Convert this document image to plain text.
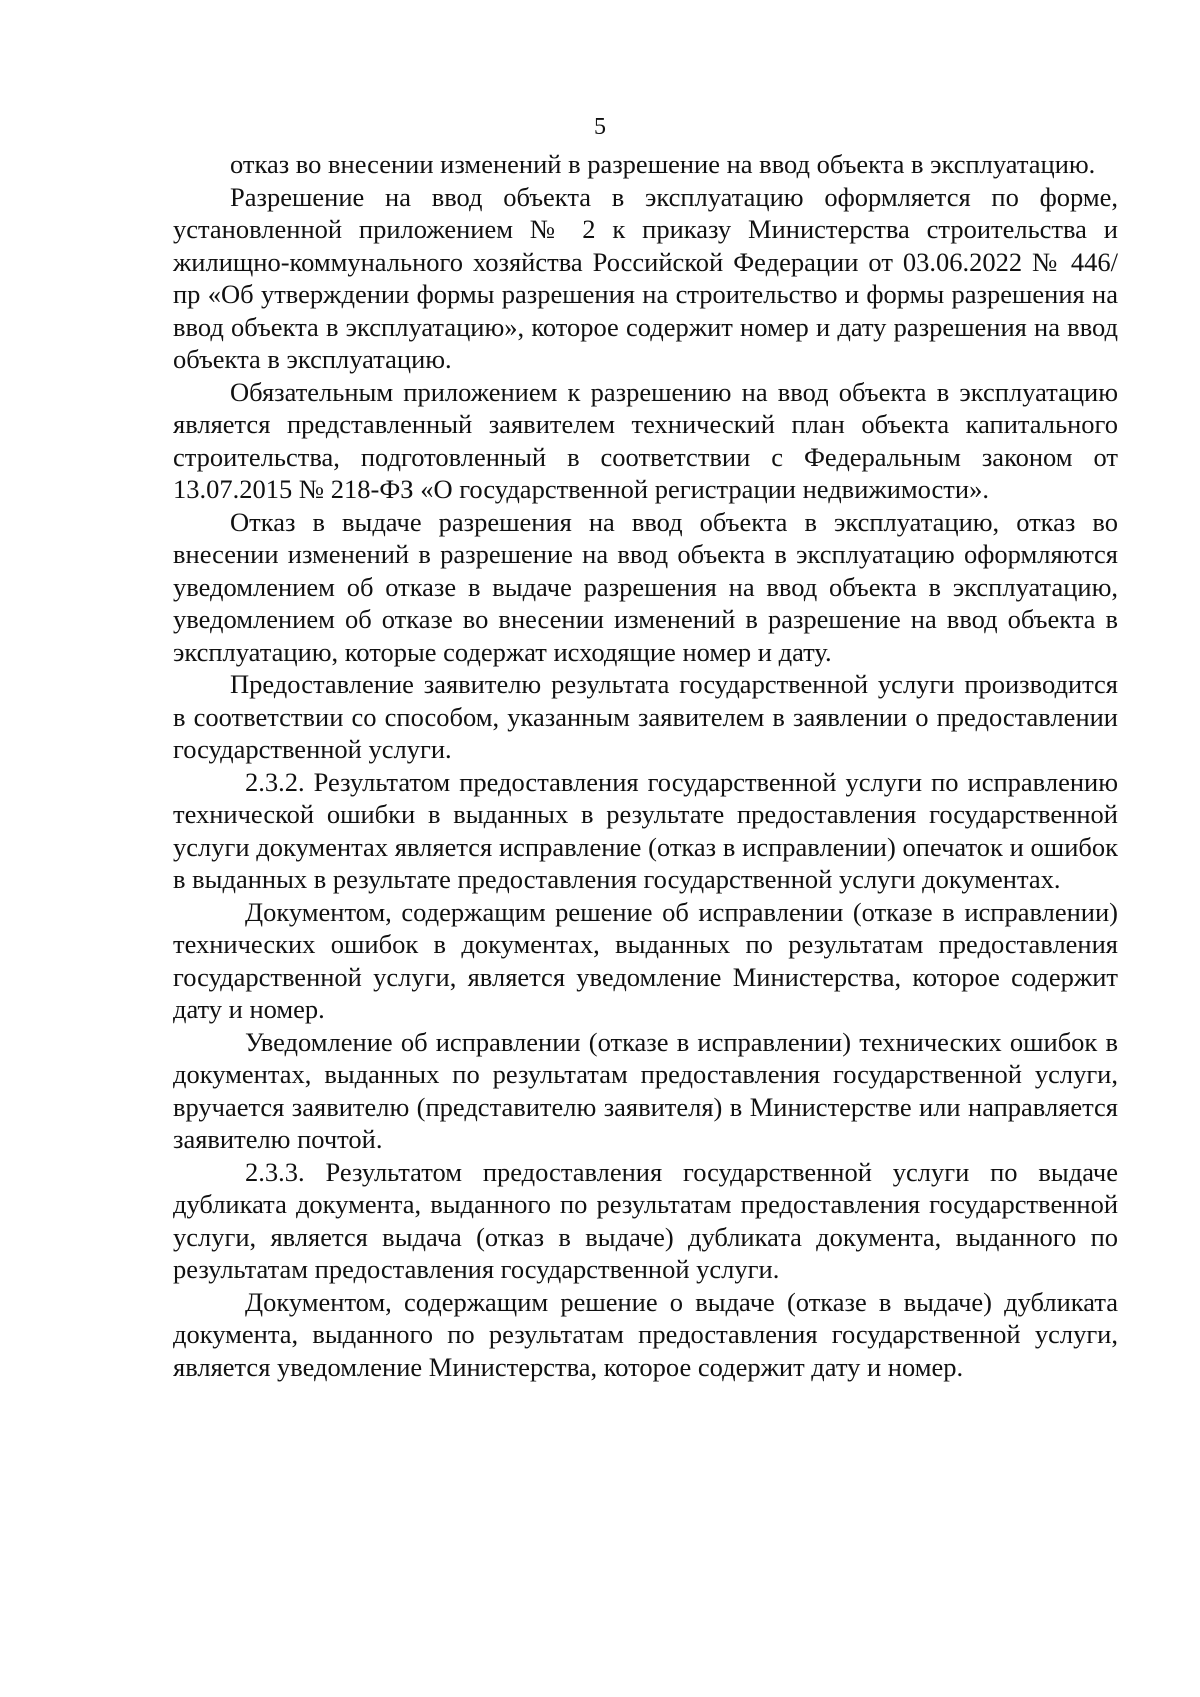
5

отказ во внесении изменений в разрешение на ввод объекта в эксплуатацию.

Разрешение на ввод объекта в эксплуатацию оформляется по форме, установленной приложением № 2 к приказу Министерства строительства и жилищно-коммунального хозяйства Российской Федерации от 03.06.2022 № 446/пр «Об утверждении формы разрешения на строительство и формы разрешения на ввод объекта в эксплуатацию», которое содержит номер и дату разрешения на ввод объекта в эксплуатацию.

Обязательным приложением к разрешению на ввод объекта в эксплуатацию является представленный заявителем технический план объекта капитального строительства, подготовленный в соответствии с Федеральным законом от 13.07.2015 № 218-ФЗ «О государственной регистрации недвижимости».

Отказ в выдаче разрешения на ввод объекта в эксплуатацию, отказ во внесении изменений в разрешение на ввод объекта в эксплуатацию оформляются уведомлением об отказе в выдаче разрешения на ввод объекта в эксплуатацию, уведомлением об отказе во внесении изменений в разрешение на ввод объекта в эксплуатацию, которые содержат исходящие номер и дату.

Предоставление заявителю результата государственной услуги производится в соответствии со способом, указанным заявителем в заявлении о предоставлении государственной услуги.

2.3.2. Результатом предоставления государственной услуги по исправлению технической ошибки в выданных в результате предоставления государственной услуги документах является исправление (отказ в исправлении) опечаток и ошибок в выданных в результате предоставления государственной услуги документах.

Документом, содержащим решение об исправлении (отказе в исправлении) технических ошибок в документах, выданных по результатам предоставления государственной услуги, является уведомление Министерства, которое содержит дату и номер.

Уведомление об исправлении (отказе в исправлении) технических ошибок в документах, выданных по результатам предоставления государственной услуги, вручается заявителю (представителю заявителя) в Министерстве или направляется заявителю почтой.

2.3.3. Результатом предоставления государственной услуги по выдаче дубликата документа, выданного по результатам предоставления государственной услуги, является выдача (отказ в выдаче) дубликата документа, выданного по результатам предоставления государственной услуги.

Документом, содержащим решение о выдаче (отказе в выдаче) дубликата документа, выданного по результатам предоставления государственной услуги, является уведомление Министерства, которое содержит дату и номер.
